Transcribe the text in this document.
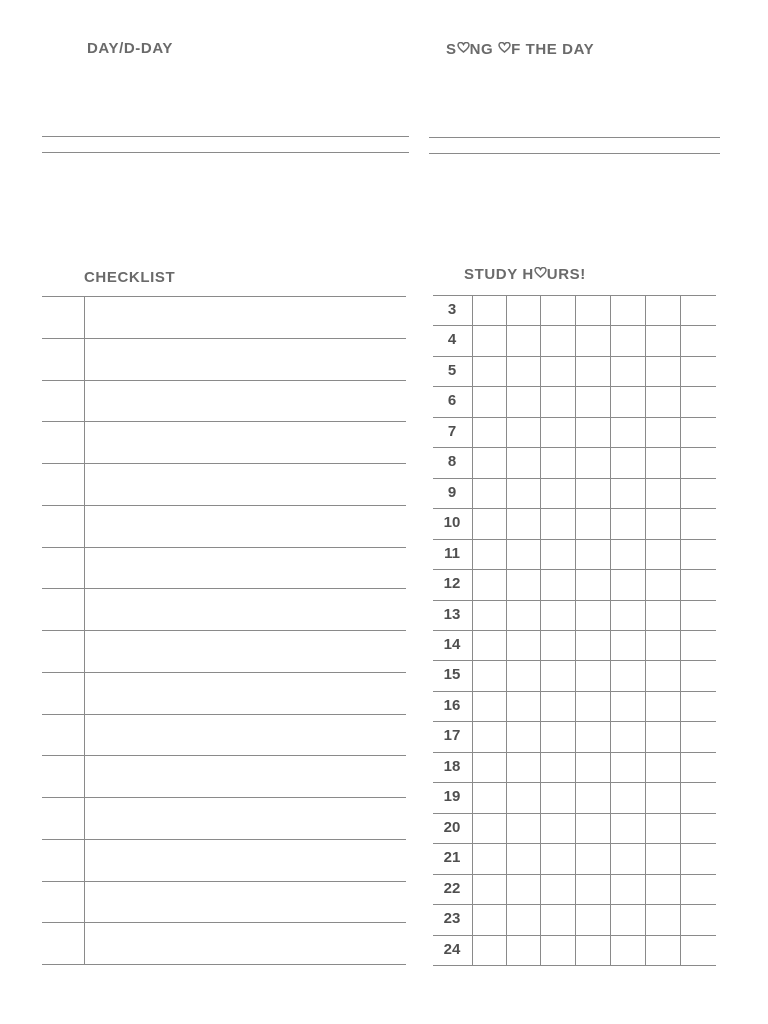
DAY/D-DAY	S NG F THE DAY
CHECKLIST	STUDY H URS!
3
4
5
6
7
8
9
10
11
12
13
14
15
16
17
18
19
20
21
22
23
24
